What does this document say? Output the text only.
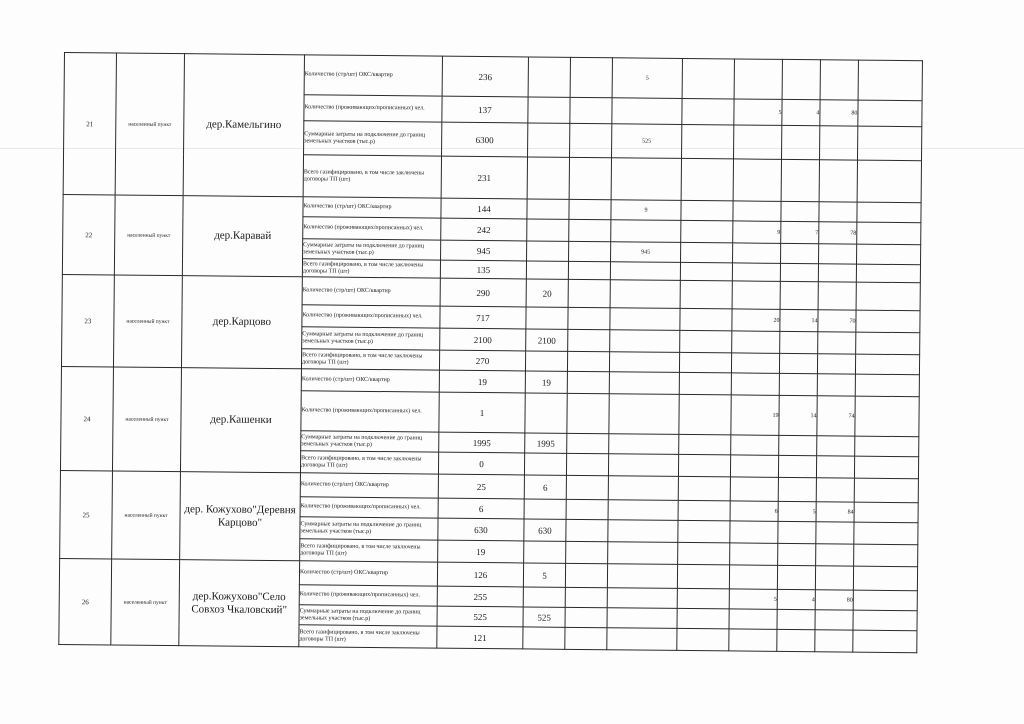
21	населенный пункт	дер.Камельгино	Количество (стр/шт) ОКС/квартир	236			5					
			Количество (проживающих/прописанных) чел.	137					5	4	80	
			Суммарные затраты на подключение до границ земельных участков (тыс.р)	6300			525					
			Всего газифицировано, в том числе заключены договоры ТП (шт)	231								
22	населенный пункт	дер.Каравай	Количество (стр/шт) ОКС/квартир	144			9					
			Количество (проживающих/прописанных) чел.	242					9	7	78	
			Суммарные затраты на подключение до границ земельных участков (тыс.р)	945			945					
			Всего газифицировано, в том числе заключены договоры ТП (шт)	135								
23	населенный пункт	дер.Карцово	Количество (стр/шт) ОКС/квартир	290	20							
			Количество (проживающих/прописанных) чел.	717					20	14	70	
			Суммарные затраты на подключение до границ земельных участков (тыс.р)	2100	2100							
			Всего газифицировано, в том числе заключены договоры ТП (шт)	270								
24	населенный пункт	дер.Кашенки	Количество (стр/шт) ОКС/квартир	19	19							
			Количество (проживающих/прописанных) чел.	1					19	14	74	
			Суммарные затраты на подключение до границ земельных участков (тыс.р)	1995	1995							
			Всего газифицировано, в том числе заключены договоры ТП (шт)	0								
25	населенный пункт	дер. Кожухово"Деревня Карцово"	Количество (стр/шт) ОКС/квартир	25	6							
			Количество (проживающих/прописанных) чел.	6					6	5	84	
			Суммарные затраты на подключение до границ земельных участков (тыс.р)	630	630							
			Всего газифицировано, в том числе заключены договоры ТП (шт)	19								
26	населенный пункт	дер.Кожухово"Село Совхоз Чкаловский"	Количество (стр/шт) ОКС/квартир	126	5							
			Количество (проживающих/прописанных) чел.	255					5	4	80	
			Суммарные затраты на подключение до границ земельных участков (тыс.р)	525	525							
			Всего газифицировано, в том числе заключены договоры ТП (шт)	121								
